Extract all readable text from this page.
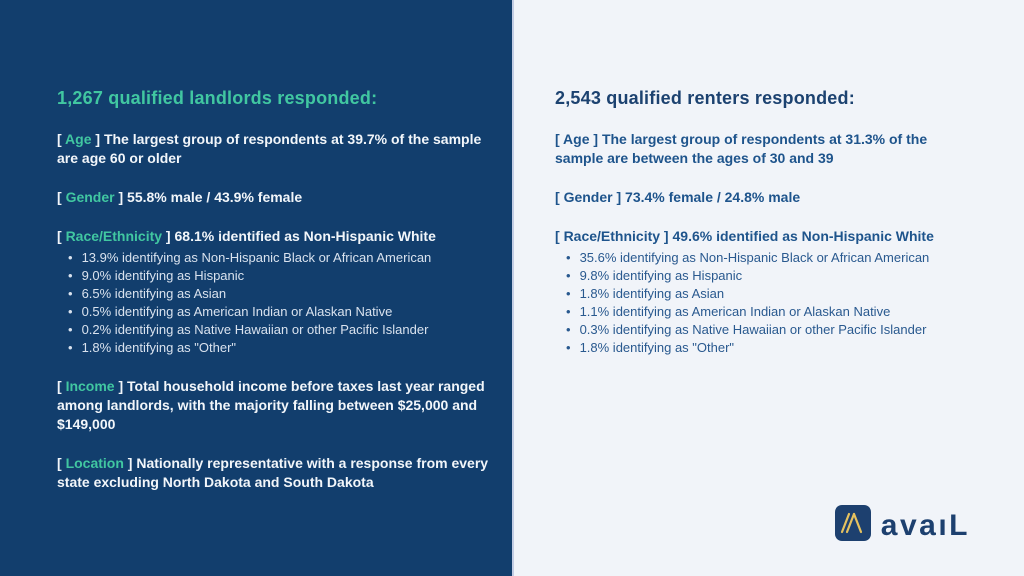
1,267 qualified landlords responded:
[ Age ] The largest group of respondents at 39.7% of the sample are age 60 or older
[ Gender ] 55.8% male / 43.9% female
[ Race/Ethnicity ] 68.1% identified as Non-Hispanic White
• 13.9% identifying as Non-Hispanic Black or African American
• 9.0% identifying as Hispanic
• 6.5% identifying as Asian
• 0.5% identifying as American Indian or Alaskan Native
• 0.2% identifying as Native Hawaiian or other Pacific Islander
• 1.8% identifying as "Other"
[ Income ] Total household income before taxes last year ranged among landlords, with the majority falling between $25,000 and $149,000
[ Location ] Nationally representative with a response from every state excluding North Dakota and South Dakota
2,543 qualified renters responded:
[ Age ] The largest group of respondents at 31.3% of the sample are between the ages of 30 and 39
[ Gender ] 73.4% female / 24.8% male
[ Race/Ethnicity ] 49.6% identified as Non-Hispanic White
• 35.6% identifying as Non-Hispanic Black or African American
• 9.8% identifying as Hispanic
• 1.8% identifying as Asian
• 1.1% identifying as American Indian or Alaskan Native
• 0.3% identifying as Native Hawaiian or other Pacific Islander
• 1.8% identifying as "Other"
avaıL
